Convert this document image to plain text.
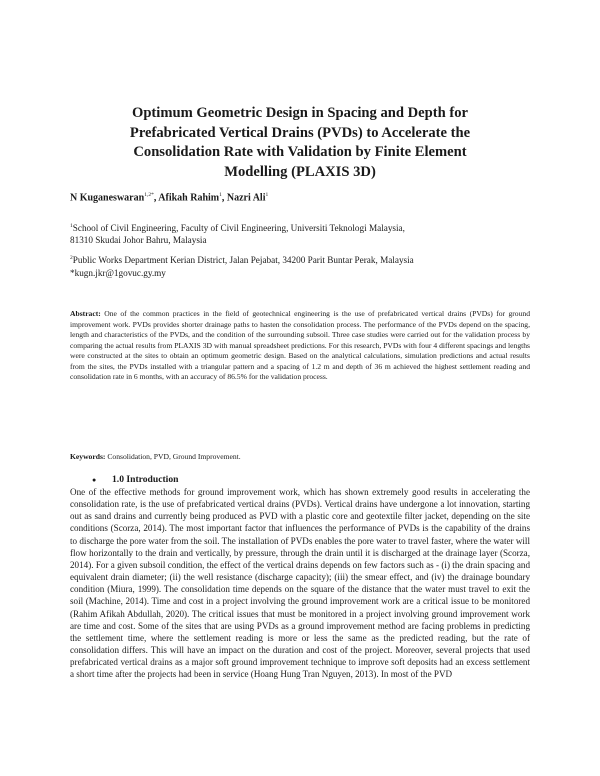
Optimum Geometric Design in Spacing and Depth for
Prefabricated Vertical Drains (PVDs) to Accelerate the
Consolidation Rate with Validation by Finite Element
Modelling (PLAXIS 3D)
N Kuganeswaran$^{1,2*}$, Afikah Rahim$^1$, Nazri Ali$^1$
$^1$School of Civil Engineering, Faculty of Civil Engineering, Universiti Teknologi Malaysia,
81310 Skudai Johor Bahru, Malaysia
$^2$Public Works Department Kerian District, Jalan Pejabat, 34200 Parit Buntar Perak, Malaysia
*kugn.jkr@1govuc.gy.my

Abstract: One of the common practices in the field of geotechnical engineering is the use of prefabricated vertical drains (PVDs) for ground improvement work. PVDs provides shorter drainage paths to hasten the consolidation process. The performance of the PVDs depend on the spacing, length and characteristics of the PVDs, and the condition of the surrounding subsoil. Three case studies were carried out for the validation process by comparing the actual results from PLAXIS 3D with manual spreadsheet predictions. For this research, PVDs with four 4 different spacings and lengths were constructed at the sites to obtain an optimum geometric design. Based on the analytical calculations, simulation predictions and actual results from the sites, the PVDs installed with a triangular pattern and a spacing of 1.2 m and depth of 36 m achieved the highest settlement reading and consolidation rate in 6 months, with an accuracy of 86.5% for the validation process.

Keywords: Consolidation, PVD, Ground Improvement.
● 1.0 Introduction

One of the effective methods for ground improvement work, which has shown extremely good results in accelerating the consolidation rate, is the use of prefabricated vertical drains (PVDs). Vertical drains have undergone a lot innovation, starting out as sand drains and currently being produced as PVD with a plastic core and geotextile filter jacket, depending on the site conditions (Scorza, 2014). The most important factor that influences the performance of PVDs is the capability of the drains to discharge the pore water from the soil. The installation of PVDs enables the pore water to travel faster, where the water will flow horizontally to the drain and vertically, by pressure, through the drain until it is discharged at the drainage layer (Scorza, 2014). For a given subsoil condition, the effect of the vertical drains depends on few factors such as - (i) the drain spacing and equivalent drain diameter; (ii) the well resistance (discharge capacity); (iii) the smear effect, and (iv) the drainage boundary condition (Miura, 1999). The consolidation time depends on the square of the distance that the water must travel to exit the soil (Machine, 2014). Time and cost in a project involving the ground improvement work are a critical issue to be monitored (Rahim Afikah Abdullah, 2020). The critical issues that must be monitored in a project involving ground improvement work are time and cost. Some of the sites that are using PVDs as a ground improvement method are facing problems in predicting the settlement time, where the settlement reading is more or less the same as the predicted reading, but the rate of consolidation differs. This will have an impact on the duration and cost of the project. Moreover, several projects that used prefabricated vertical drains as a major soft ground improvement technique to improve soft deposits had an excess settlement a short time after the projects had been in service (Hoang Hung Tran Nguyen, 2013). In most of the PVD
